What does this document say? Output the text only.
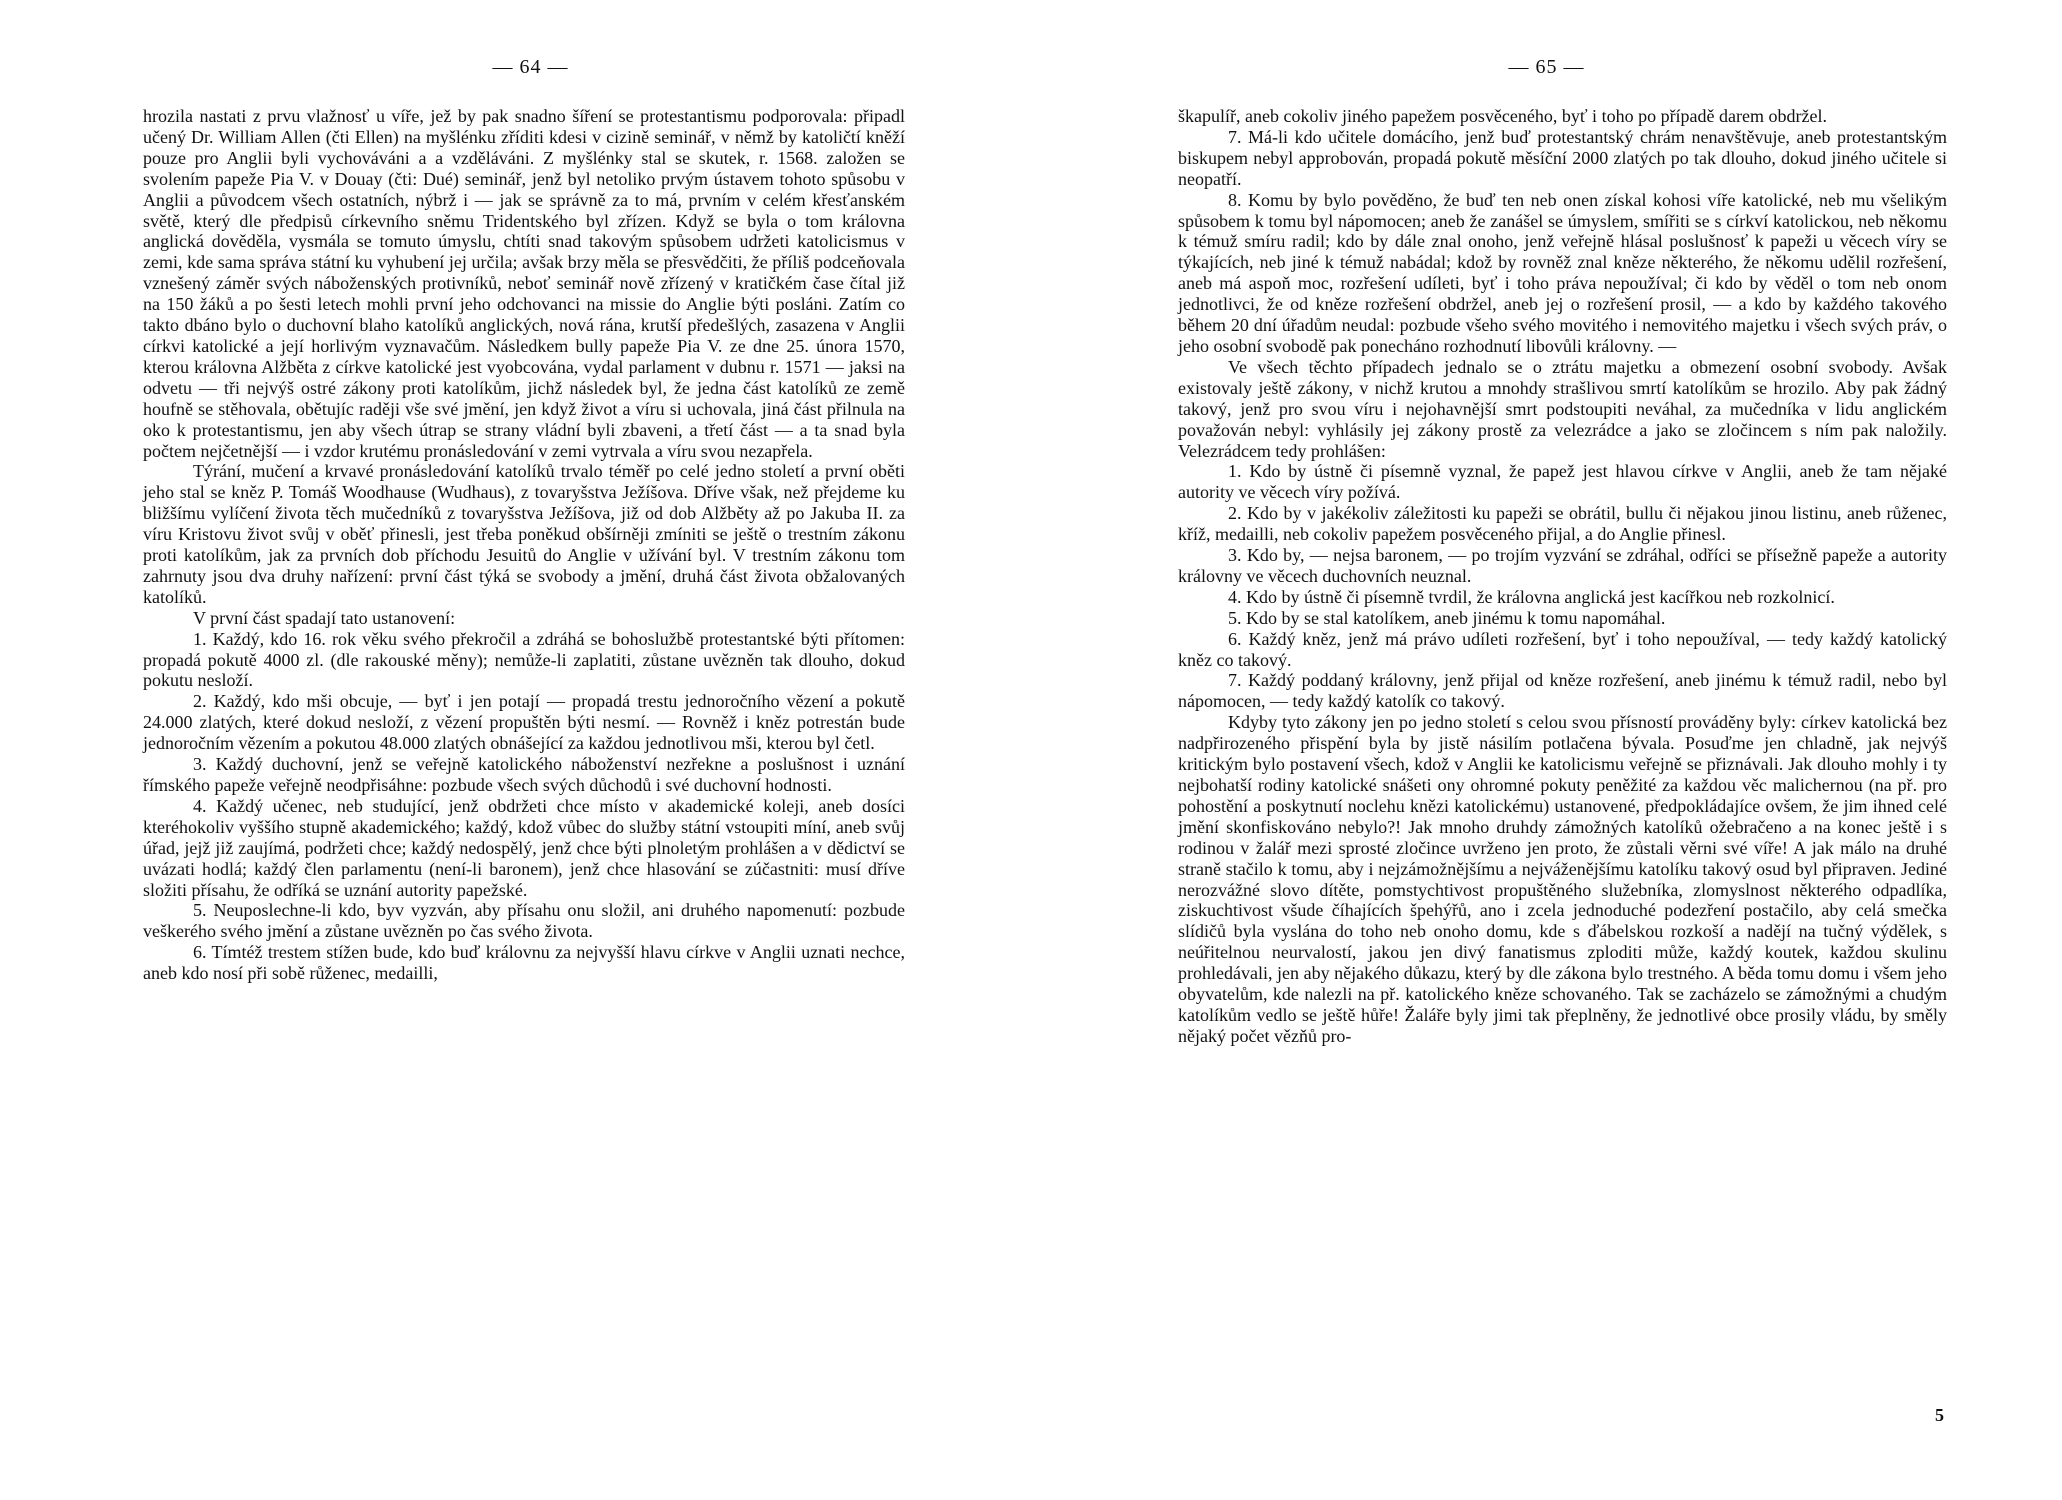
— 64 —

hrozila nastati z prvu vlažnosť u víře, jež by pak snadno šíření se protestantismu podporovala: připadl učený Dr. William Allen (čti Ellen) na myšlénku zříditi kdesi v cizině seminář, v němž by katoličtí kněží pouze pro Anglii byli vychováváni a a vzděláváni. Z myšlénky stal se skutek, r. 1568. založen se svolením papeže Pia V. v Douay (čti: Dué) seminář, jenž byl netoliko prvým ústavem tohoto spůsobu v Anglii a původcem všech ostatních, nýbrž i — jak se správně za to má, prvním v celém křesťanském světě, který dle předpisů církevního sněmu Tridentského byl zřízen. Když se byla o tom královna anglická dověděla, vysmála se tomuto úmyslu, chtíti snad takovým spůsobem udržeti katolicismus v zemi, kde sama správa státní ku vyhubení jej určila; avšak brzy měla se přesvědčiti, že příliš podceňovala vznešený záměr svých náboženských protivníků, neboť seminář nově zřízený v kratičkém čase čítal již na 150 žáků a po šesti letech mohli první jeho odchovanci na missie do Anglie býti posláni. Zatím co takto dbáno bylo o duchovní blaho katolíků anglických, nová rána, krutší předešlých, zasazena v Anglii církvi katolické a její horlivým vyznavačům. Následkem bully papeže Pia V. ze dne 25. února 1570, kterou královna Alžběta z církve katolické jest vyobcována, vydal parlament v dubnu r. 1571 — jaksi na odvetu — tři nejvýš ostré zákony proti katolíkům, jichž následek byl, že jedna část katolíků ze země houfně se stěhovala, obětujíc raději vše své jmění, jen když život a víru si uchovala, jiná část přilnula na oko k protestantismu, jen aby všech útrap se strany vládní byli zbaveni, a třetí část — a ta snad byla počtem nejčetnější — i vzdor krutému pronásledování v zemi vytrvala a víru svou nezapřela.

Týrání, mučení a krvavé pronásledování katolíků trvalo téměř po celé jedno století a první oběti jeho stal se kněz P. Tomáš Woodhause (Wudhaus), z tovaryšstva Ježíšova. Dříve však, než přejdeme ku bližšímu vylíčení života těch mučedníků z tovaryšstva Ježíšova, již od dob Alžběty až po Jakuba II. za víru Kristovu život svůj v oběť přinesli, jest třeba poněkud obšírněji zmíniti se ještě o trestním zákonu proti katolíkům, jak za prvních dob příchodu Jesuitů do Anglie v užívání byl. V trestním zákonu tom zahrnuty jsou dva druhy nařízení: první část týká se svobody a jmění, druhá část života obžalovaných katolíků.

V první část spadají tato ustanovení:

1. Každý, kdo 16. rok věku svého překročil a zdráhá se bohoslužbě protestantské býti přítomen: propadá pokutě 4000 zl. (dle rakouské měny); nemůže-li zaplatiti, zůstane uvězněn tak dlouho, dokud pokutu nesloží.

2. Každý, kdo mši obcuje, — byť i jen potají — propadá trestu jednoročního vězení a pokutě 24.000 zlatých, které dokud nesloží, z vězení propuštěn býti nesmí. — Rovněž i kněz potrestán bude jednoročním vězením a pokutou 48.000 zlatých obnášející za každou jednotlivou mši, kterou byl četl.

3. Každý duchovní, jenž se veřejně katolického náboženství nezřekne a poslušnost i uznání římského papeže veřejně neodpřisáhne: pozbude všech svých důchodů i své duchovní hodnosti.

4. Každý učenec, neb studující, jenž obdržeti chce místo v akademické koleji, aneb dosíci kteréhokoliv vyššího stupně akademického; každý, kdož vůbec do služby státní vstoupiti míní, aneb svůj úřad, jejž již zaujímá, podržeti chce; každý nedospělý, jenž chce býti plnoletým prohlášen a v dědictví se uvázati hodlá; každý člen parlamentu (není-li baronem), jenž chce hlasování se zúčastniti: musí dříve složiti přísahu, že odříká se uznání autority papežské.

5. Neuposlechne-li kdo, byv vyzván, aby přísahu onu složil, ani druhého napomenutí: pozbude veškerého svého jmění a zůstane uvězněn po čas svého života.

6. Tímtéž trestem stížen bude, kdo buď královnu za nejvyšší hlavu církve v Anglii uznati nechce, aneb kdo nosí při sobě růženec, medailli,

— 65 —

škapulíř, aneb cokoliv jiného papežem posvěceného, byť i toho po případě darem obdržel.

7. Má-li kdo učitele domácího, jenž buď protestantský chrám nenavštěvuje, aneb protestantským biskupem nebyl approbován, propadá pokutě měsíční 2000 zlatých po tak dlouho, dokud jiného učitele si neopatří.

8. Komu by bylo pověděno, že buď ten neb onen získal kohosi víře katolické, neb mu všelikým spůsobem k tomu byl nápomocen; aneb že zanášel se úmyslem, smířiti se s církví katolickou, neb někomu k témuž smíru radil; kdo by dále znal onoho, jenž veřejně hlásal poslušnosť k papeži u věcech víry se týkajících, neb jiné k témuž nabádal; kdož by rovněž znal kněze některého, že někomu udělil rozřešení, aneb má aspoň moc, rozřešení udíleti, byť i toho práva nepoužíval; či kdo by věděl o tom neb onom jednotlivci, že od kněze rozřešení obdržel, aneb jej o rozřešení prosil, — a kdo by každého takového během 20 dní úřadům neudal: pozbude všeho svého movitého i nemovitého majetku i všech svých práv, o jeho osobní svobodě pak ponecháno rozhodnutí libovůli královny. —

Ve všech těchto případech jednalo se o ztrátu majetku a obmezení osobní svobody. Avšak existovaly ještě zákony, v nichž krutou a mnohdy strašlivou smrtí katolíkům se hrozilo. Aby pak žádný takový, jenž pro svou víru i nejohavnější smrt podstoupiti neváhal, za mučedníka v lidu anglickém považován nebyl: vyhlásily jej zákony prostě za velezrádce a jako se zločincem s ním pak naložily. Velezrádcem tedy prohlášen:

1. Kdo by ústně či písemně vyznal, že papež jest hlavou církve v Anglii, aneb že tam nějaké autority ve věcech víry požívá.

2. Kdo by v jakékoliv záležitosti ku papeži se obrátil, bullu či nějakou jinou listinu, aneb růženec, kříž, medailli, neb cokoliv papežem posvěceného přijal, a do Anglie přinesl.

3. Kdo by, — nejsa baronem, — po trojím vyzvání se zdráhal, odříci se přísežně papeže a autority královny ve věcech duchovních neuznal.

4. Kdo by ústně či písemně tvrdil, že královna anglická jest kacířkou neb rozkolnicí.

5. Kdo by se stal katolíkem, aneb jinému k tomu napomáhal.

6. Každý kněz, jenž má právo udíleti rozřešení, byť i toho nepoužíval, — tedy každý katolický kněz co takový.

7. Každý poddaný královny, jenž přijal od kněze rozřešení, aneb jinému k témuž radil, nebo byl nápomocen, — tedy každý katolík co takový.

Kdyby tyto zákony jen po jedno století s celou svou přísností prováděny byly: církev katolická bez nadpřirozeného přispění byla by jistě násilím potlačena bývala. Posuďme jen chladně, jak nejvýš kritickým bylo postavení všech, kdož v Anglii ke katolicismu veřejně se přiznávali. Jak dlouho mohly i ty nejbohatší rodiny katolické snášeti ony ohromné pokuty peněžité za každou věc malichernou (na př. pro pohostění a poskytnutí noclehu knězi katolickému) ustanovené, předpokládajíce ovšem, že jim ihned celé jmění skonfiskováno nebylo?! Jak mnoho druhdy zámožných katolíků ožebračeno a na konec ještě i s rodinou v žalář mezi sprosté zločince uvrženo jen proto, že zůstali věrni své víře! A jak málo na druhé straně stačilo k tomu, aby i nejzámožnějšímu a nejváženějšímu katolíku takový osud byl připraven. Jediné nerozvážné slovo dítěte, pomstychtivost propuštěného služebníka, zlomyslnost některého odpadlíka, ziskuchtivost všude číhajících špehýřů, ano i zcela jednoduché podezření postačilo, aby celá smečka slídičů byla vyslána do toho neb onoho domu, kde s ďábelskou rozkoší a nadějí na tučný výdělek, s neúřitelnou neurvalostí, jakou jen divý fanatismus zploditi může, každý koutek, každou skulinu prohledávali, jen aby nějakého důkazu, který by dle zákona bylo trestného. A běda tomu domu i všem jeho obyvatelům, kde nalezli na př. katolického kněze schovaného. Tak se zacházelo se zámožnými a chudým katolíkům vedlo se ještě hůře! Žaláře byly jimi tak přeplněny, že jednotlivé obce prosily vládu, by směly nějaký počet vězňů pro-

5
